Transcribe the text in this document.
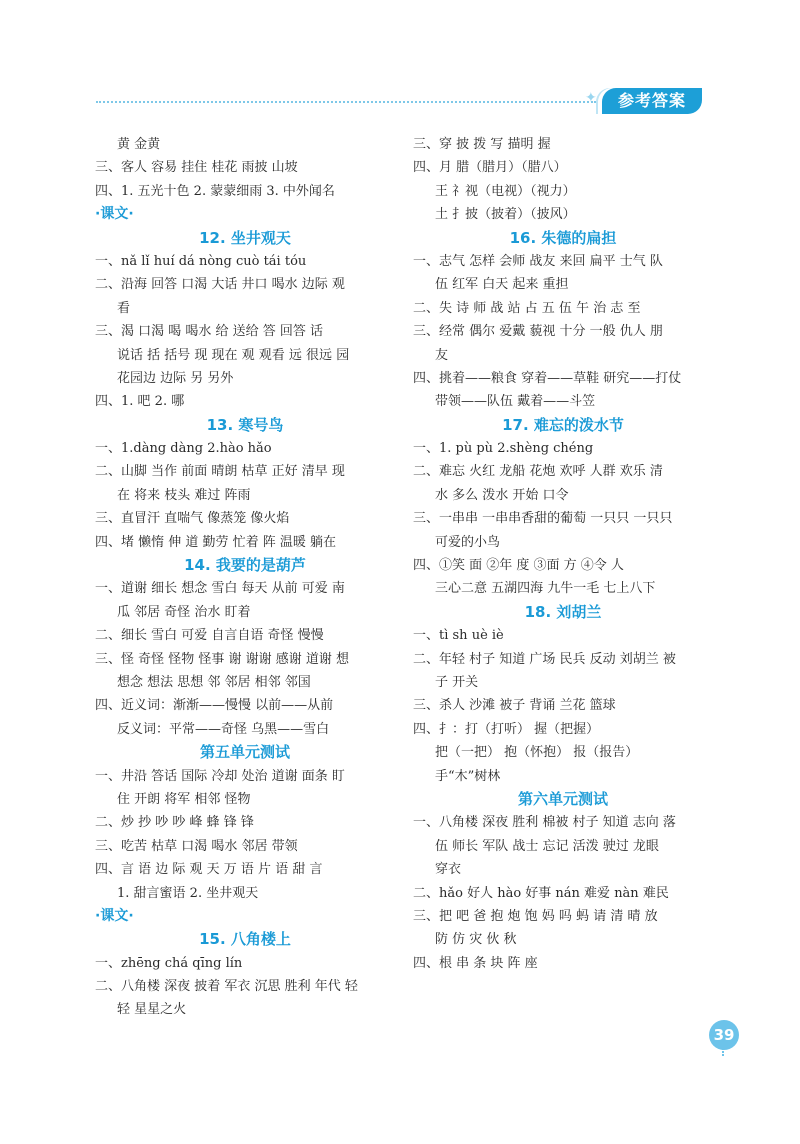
✦	参考答案
黄 金黄
三、客人 容易 挂住 桂花 雨披 山坡
四、1. 五光十色 2. 蒙蒙细雨 3. 中外闻名
·课文·
12. 坐井观天
一、nǎ lǐ huí dá nòng cuò tái tóu
二、沿海 回答 口渴 大话 井口 喝水 边际 观
看
三、渴 口渴 喝 喝水 给 送给 答 回答 话
说话 括 括号 现 现在 观 观看 远 很远 园
花园边 边际 另 另外
四、1. 吧 2. 哪
13. 寒号鸟
一、1.dàng dàng 2.hào hǎo
二、山脚 当作 前面 晴朗 枯草 正好 清早 现
在 将来 枝头 难过 阵雨
三、直冒汗 直喘气 像蒸笼 像火焰
四、堵 懒惰 伸 道 勤劳 忙着 阵 温暖 躺在
14. 我要的是葫芦
一、道谢 细长 想念 雪白 每天 从前 可爱 南
瓜 邻居 奇怪 治水 盯着
二、细长 雪白 可爱 自言自语 奇怪 慢慢
三、怪 奇怪 怪物 怪事 谢 谢谢 感谢 道谢 想
想念 想法 思想 邻 邻居 相邻 邻国
四、近义词：渐渐——慢慢 以前——从前
反义词：平常——奇怪 乌黑——雪白
第五单元测试
一、井沿 答话 国际 冷却 处治 道谢 面条 盯
住 开朗 将军 相邻 怪物
二、炒 抄 吵 吵 峰 蜂 锋 锋
三、吃苦 枯草 口渴 喝水 邻居 带领
四、言 语 边 际 观 天 万 语 片 语 甜 言
1. 甜言蜜语 2. 坐井观天
·课文·
15. 八角楼上
一、zhēng chá qīng lín
二、八角楼 深夜 披着 军衣 沉思 胜利 年代 轻
轻 星星之火
三、穿 披 拨 写 描明 握
四、月 腊（腊月）（腊八）
王 礻视（电视）（视力）
土 扌披（披着）（披风）
16. 朱德的扁担
一、志气 怎样 会师 战友 来回 扁平 士气 队
伍 红军 白天 起来 重担
二、失 诗 师 战 站 占 五 伍 午 治 志 至
三、经常 偶尔 爱戴 藐视 十分 一般 仇人 朋
友
四、挑着——粮食 穿着——草鞋 研究——打仗
带领——队伍 戴着——斗笠
17. 难忘的泼水节
一、1. pù pù 2.shèng chéng
二、难忘 火红 龙船 花炮 欢呼 人群 欢乐 清
水 多么 泼水 开始 口令
三、一串串 一串串香甜的葡萄 一只只 一只只
可爱的小鸟
四、①笑 面 ②年 度 ③面 方 ④令 人
三心二意 五湖四海 九牛一毛 七上八下
18. 刘胡兰
一、tì sh uè iè
二、年轻 村子 知道 广场 民兵 反动 刘胡兰 被
子 开关
三、杀人 沙滩 被子 背诵 兰花 篮球
四、扌：打（打听） 握（把握）
把（一把） 抱（怀抱） 报（报告）
手“木”树林
第六单元测试
一、八角楼 深夜 胜利 棉被 村子 知道 志向 落
伍 师长 军队 战士 忘记 活泼 驶过 龙眼
穿衣
二、hǎo 好人 hào 好事 nán 难爱 nàn 难民
三、把 吧 爸 抱 炮 饱 妈 吗 蚂 请 清 晴 放
防 仿 灾 伙 秋
四、根 串 条 块 阵 座
39
